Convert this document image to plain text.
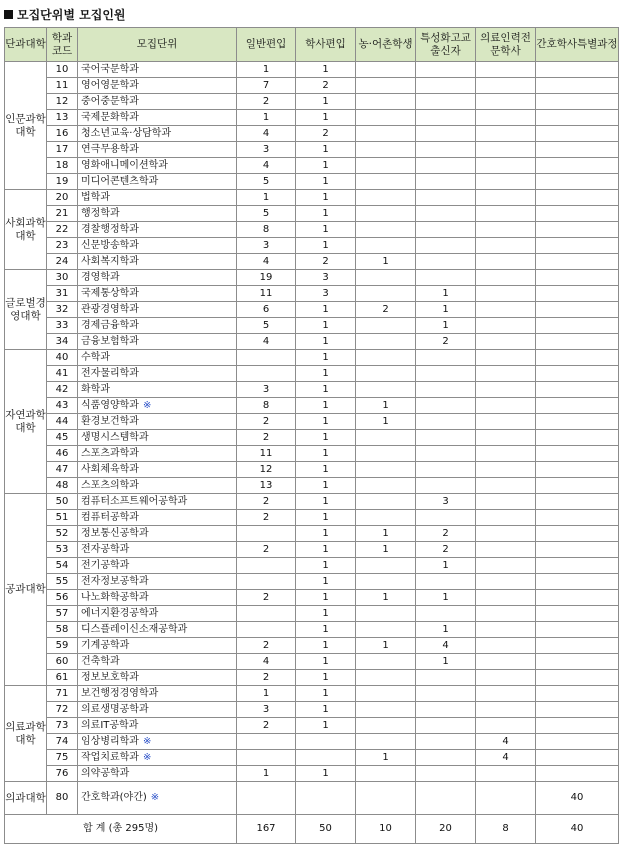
모집단위별 모집인원
단과대학	학과코드	모집단위	일반편입	학사편입	농·어촌학생	특성화고교출신자	의료인력전문학사	간호학사특별과정
인문과학대학	10	국어국문학과	1	1				
	11	영어영문학과	7	2				
	12	중어중문학과	2	1				
	13	국제문화학과	1	1				
	16	청소년교육·상담학과	4	2				
	17	연극무용학과	3	1				
	18	영화애니메이션학과	4	1				
	19	미디어콘텐츠학과	5	1				
사회과학대학	20	법학과	1	1				
	21	행정학과	5	1				
	22	경찰행정학과	8	1				
	23	신문방송학과	3	1				
	24	사회복지학과	4	2	1			
글로벌경영대학	30	경영학과	19	3				
	31	국제통상학과	11	3		1		
	32	관광경영학과	6	1	2	1		
	33	경제금융학과	5	1		1		
	34	금융보험학과	4	1		2		
자연과학대학	40	수학과		1				
	41	전자물리학과		1				
	42	화학과	3	1				
	43	식품영양학과 ※	8	1	1			
	44	환경보건학과	2	1	1			
	45	생명시스템학과	2	1				
	46	스포츠과학과	11	1				
	47	사회체육학과	12	1				
	48	스포츠의학과	13	1				
공과대학	50	컴퓨터소프트웨어공학과	2	1		3		
	51	컴퓨터공학과	2	1				
	52	정보통신공학과		1	1	2		
	53	전자공학과	2	1	1	2		
	54	전기공학과		1		1		
	55	전자정보공학과		1				
	56	나노화학공학과	2	1	1	1		
	57	에너지환경공학과		1				
	58	디스플레이신소재공학과		1		1		
	59	기계공학과	2	1	1	4		
	60	건축학과	4	1		1		
	61	정보보호학과	2	1				
의료과학대학	71	보건행정경영학과	1	1				
	72	의료생명공학과	3	1				
	73	의료IT공학과	2	1				
	74	임상병리학과 ※					4	
	75	작업치료학과 ※			1		4	
	76	의약공학과	1	1				
의과대학	80	간호학과(야간) ※						40
합 계 (총 295명)			167	50	10	20	8	40
